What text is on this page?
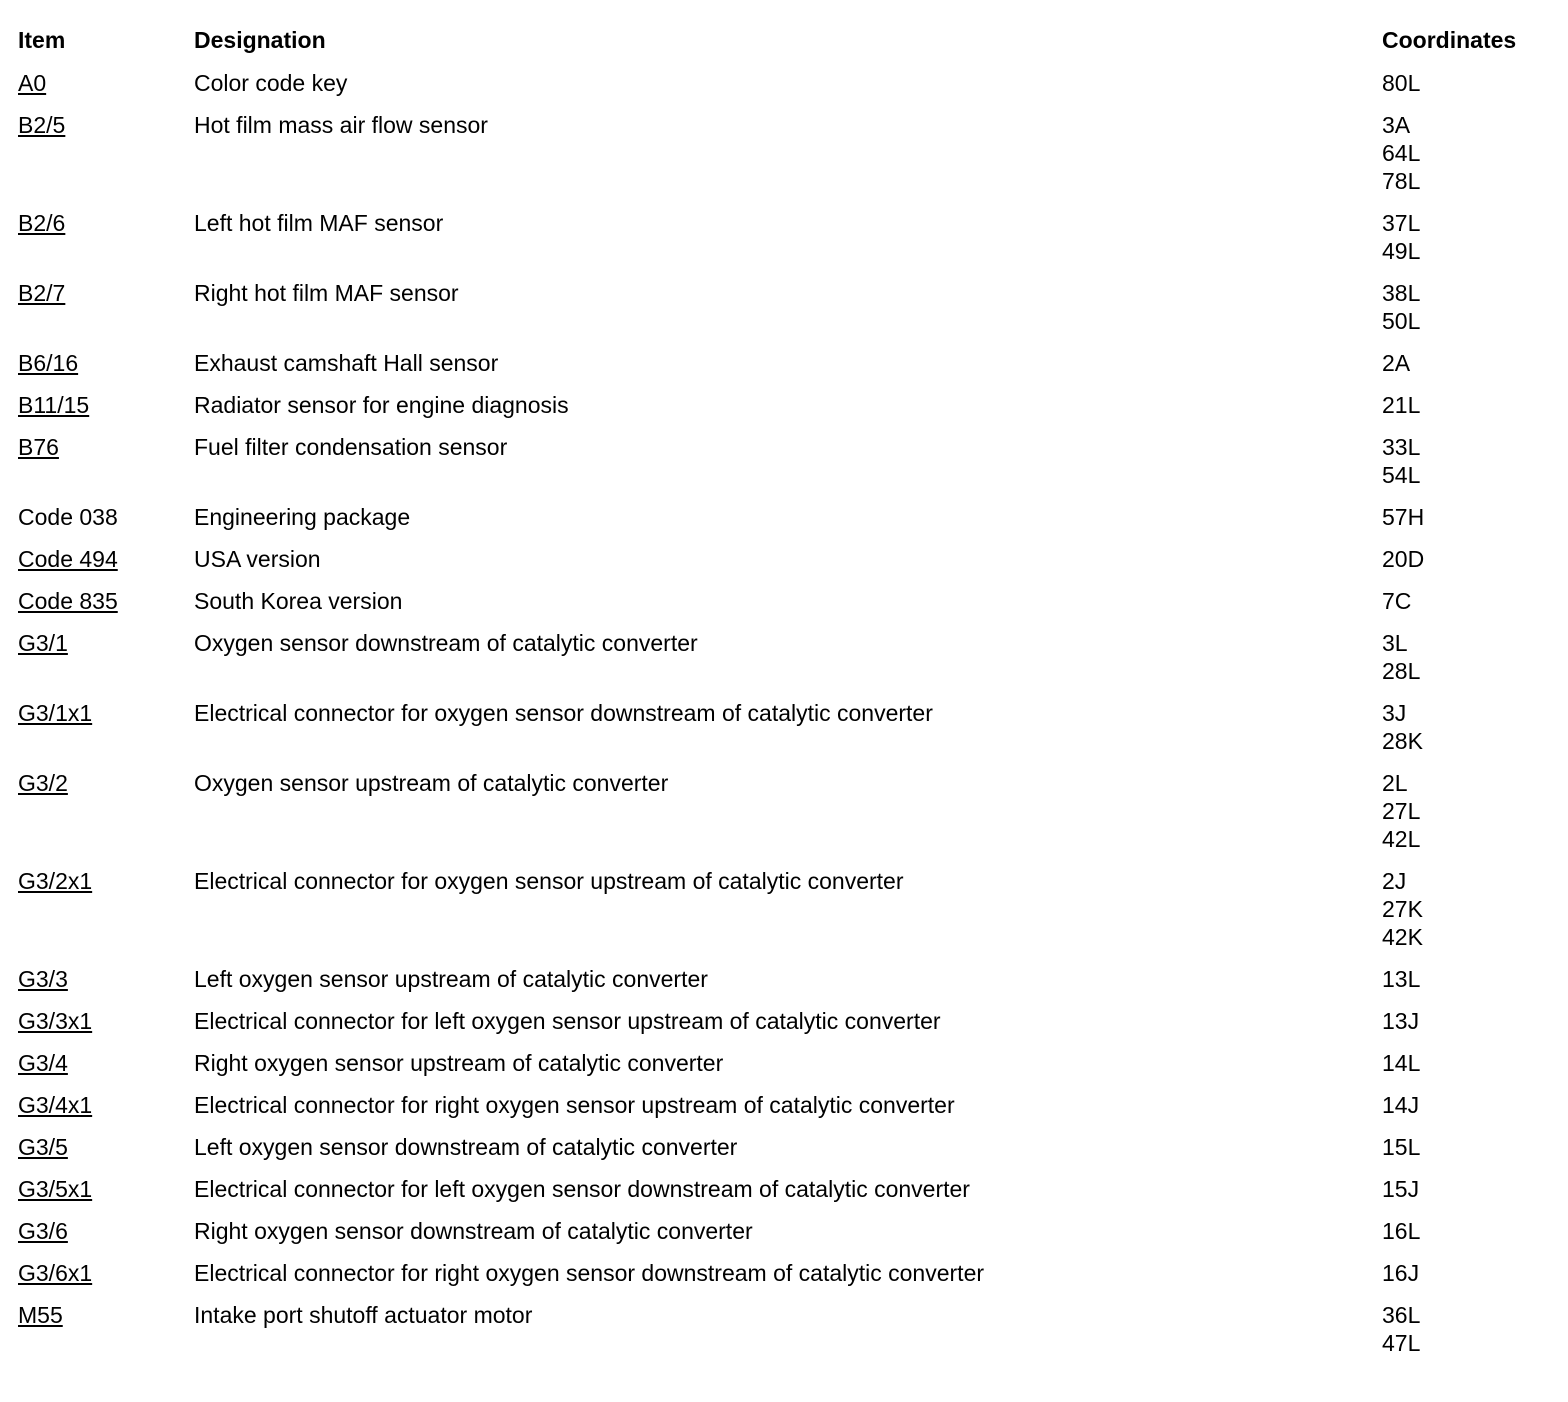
Item	Designation	Coordinates
A0	Color code key	80L
B2/5	Hot film mass air flow sensor	3A
64L
78L
B2/6	Left hot film MAF sensor	37L
49L
B2/7	Right hot film MAF sensor	38L
50L
B6/16	Exhaust camshaft Hall sensor	2A
B11/15	Radiator sensor for engine diagnosis	21L
B76	Fuel filter condensation sensor	33L
54L
Code 038	Engineering package	57H
Code 494	USA version	20D
Code 835	South Korea version	7C
G3/1	Oxygen sensor downstream of catalytic converter	3L
28L
G3/1x1	Electrical connector for oxygen sensor downstream of catalytic converter	3J
28K
G3/2	Oxygen sensor upstream of catalytic converter	2L
27L
42L
G3/2x1	Electrical connector for oxygen sensor upstream of catalytic converter	2J
27K
42K
G3/3	Left oxygen sensor upstream of catalytic converter	13L
G3/3x1	Electrical connector for left oxygen sensor upstream of catalytic converter	13J
G3/4	Right oxygen sensor upstream of catalytic converter	14L
G3/4x1	Electrical connector for right oxygen sensor upstream of catalytic converter	14J
G3/5	Left oxygen sensor downstream of catalytic converter	15L
G3/5x1	Electrical connector for left oxygen sensor downstream of catalytic converter	15J
G3/6	Right oxygen sensor downstream of catalytic converter	16L
G3/6x1	Electrical connector for right oxygen sensor downstream of catalytic converter	16J
M55	Intake port shutoff actuator motor	36L
47L
